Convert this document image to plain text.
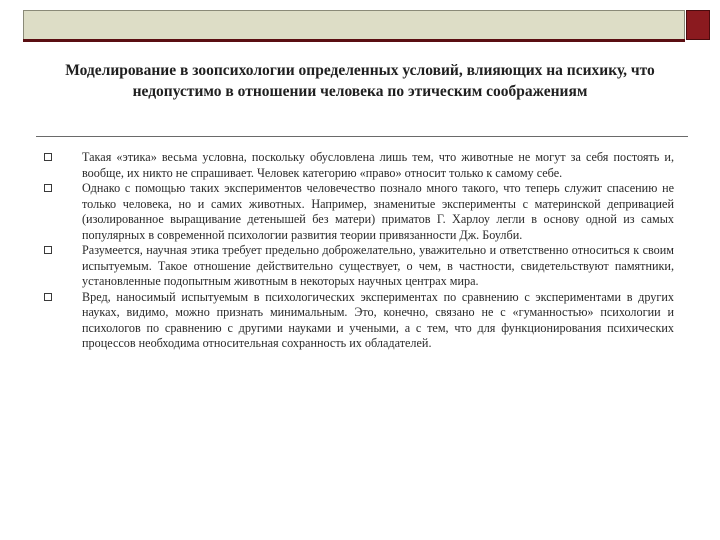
Моделирование в зоопсихологии определенных условий, влияющих на психику, что недопустимо в отношении человека по этическим соображениям
Такая «этика» весьма условна, поскольку обусловлена лишь тем, что животные не могут за себя постоять и, вообще, их никто не спрашивает. Человек категорию «право» относит только к самому себе.
Однако с помощью таких экспериментов человечество познало много такого, что теперь служит спасению не только человека, но и самих животных. Например, знаменитые эксперименты с материнской депривацией (изолированное выращивание детенышей без матери) приматов Г. Харлоу легли в основу одной из самых популярных в современной психологии развития теории привязанности Дж. Боулби.
Разумеется, научная этика требует предельно доброжелательно, уважительно и ответственно относиться к своим испытуемым. Такое отношение действительно существует, о чем, в частности, свидетельствуют памятники, установленные подопытным животным в некоторых научных центрах мира.
Вред, наносимый испытуемым в психологических экспериментах по сравнению с экспериментами в других науках, видимо, можно признать минимальным. Это, конечно, связано не с «гуманностью» психологии и психологов по сравнению с другими науками и учеными, а с тем, что для функционирования психических процессов необходима относительная сохранность их обладателей.
